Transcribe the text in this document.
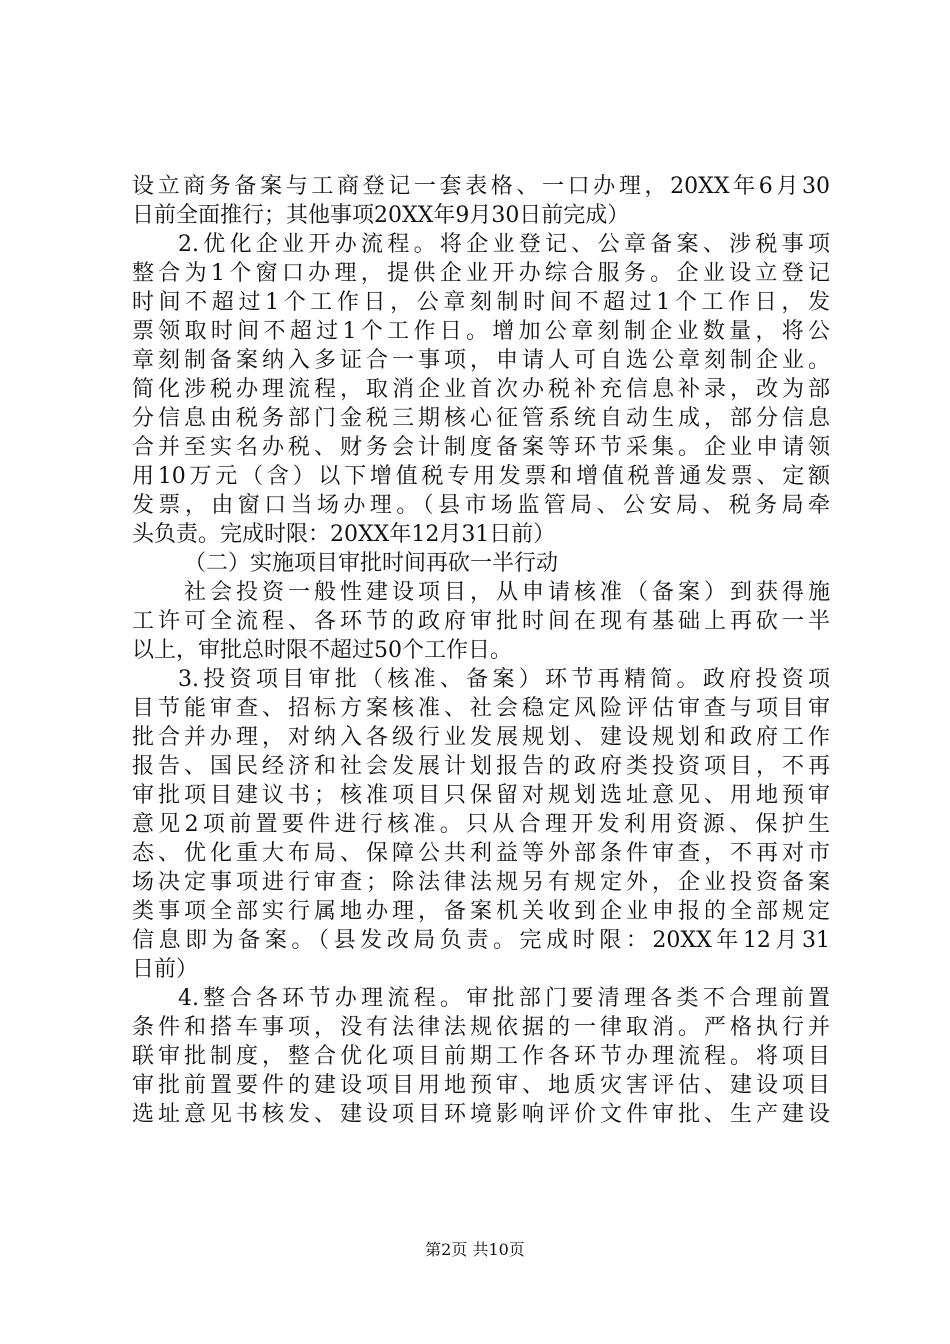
设立商务备案与工商登记一套表格、一口办理，20XX年6月30
日前全面推行；其他事项20XX年9月30日前完成）
2.优化企业开办流程。将企业登记、公章备案、涉税事项
整合为1个窗口办理，提供企业开办综合服务。企业设立登记
时间不超过1个工作日，公章刻制时间不超过1个工作日，发
票领取时间不超过1个工作日。增加公章刻制企业数量，将公
章刻制备案纳入多证合一事项，申请人可自选公章刻制企业。
简化涉税办理流程，取消企业首次办税补充信息补录，改为部
分信息由税务部门金税三期核心征管系统自动生成，部分信息
合并至实名办税、财务会计制度备案等环节采集。企业申请领
用10万元（含）以下增值税专用发票和增值税普通发票、定额
发票，由窗口当场办理。（县市场监管局、公安局、税务局牵
头负责。完成时限：20XX年12月31日前）
（二）实施项目审批时间再砍一半行动
社会投资一般性建设项目，从申请核准（备案）到获得施
工许可全流程、各环节的政府审批时间在现有基础上再砍一半
以上，审批总时限不超过50个工作日。
3.投资项目审批（核准、备案）环节再精简。政府投资项
目节能审查、招标方案核准、社会稳定风险评估审查与项目审
批合并办理，对纳入各级行业发展规划、建设规划和政府工作
报告、国民经济和社会发展计划报告的政府类投资项目，不再
审批项目建议书；核准项目只保留对规划选址意见、用地预审
意见2项前置要件进行核准。只从合理开发利用资源、保护生
态、优化重大布局、保障公共利益等外部条件审查，不再对市
场决定事项进行审查；除法律法规另有规定外，企业投资备案
类事项全部实行属地办理，备案机关收到企业申报的全部规定
信息即为备案。（县发改局负责。完成时限：20XX年12月31
日前）
4.整合各环节办理流程。审批部门要清理各类不合理前置
条件和搭车事项，没有法律法规依据的一律取消。严格执行并
联审批制度，整合优化项目前期工作各环节办理流程。将项目
审批前置要件的建设项目用地预审、地质灾害评估、建设项目
选址意见书核发、建设项目环境影响评价文件审批、生产建设
第2页 共10页
